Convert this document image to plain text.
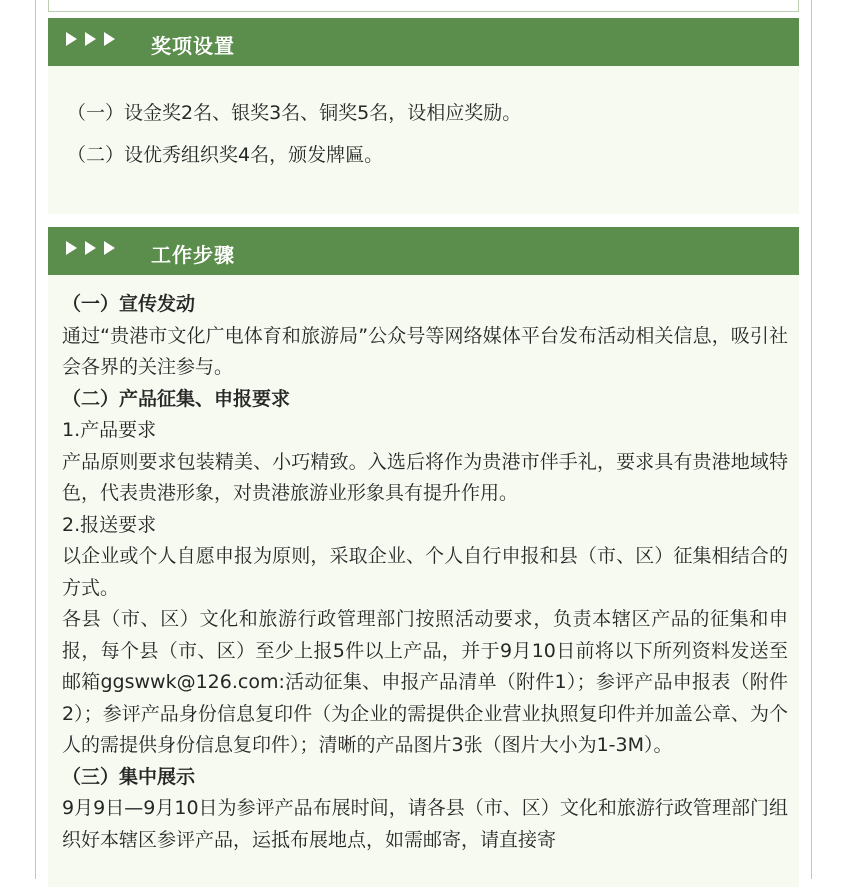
奖项设置

（一）设金奖2名、银奖3名、铜奖5名，设相应奖励。

（二）设优秀组织奖4名，颁发牌匾。

工作步骤

（一）宣传发动

通过“贵港市文化广电体育和旅游局”公众号等网络媒体平台发布活动相关信息，吸引社会各界的关注参与。

（二）产品征集、申报要求

1.产品要求

产品原则要求包装精美、小巧精致。入选后将作为贵港市伴手礼，要求具有贵港地域特色，代表贵港形象，对贵港旅游业形象具有提升作用。

2.报送要求

以企业或个人自愿申报为原则，采取企业、个人自行申报和县（市、区）征集相结合的方式。

各县（市、区）文化和旅游行政管理部门按照活动要求，负责本辖区产品的征集和申报，每个县（市、区）至少上报5件以上产品，并于9月10日前将以下所列资料发送至邮箱ggswwk@126.com:活动征集、申报产品清单（附件1）；参评产品申报表（附件2）；参评产品身份信息复印件（为企业的需提供企业营业执照复印件并加盖公章、为个人的需提供身份信息复印件）；清晰的产品图片3张（图片大小为1-3M）。

（三）集中展示

9月9日—9月10日为参评产品布展时间，请各县（市、区）文化和旅游行政管理部门组织好本辖区参评产品，运抵布展地点，如需邮寄，请直接寄
